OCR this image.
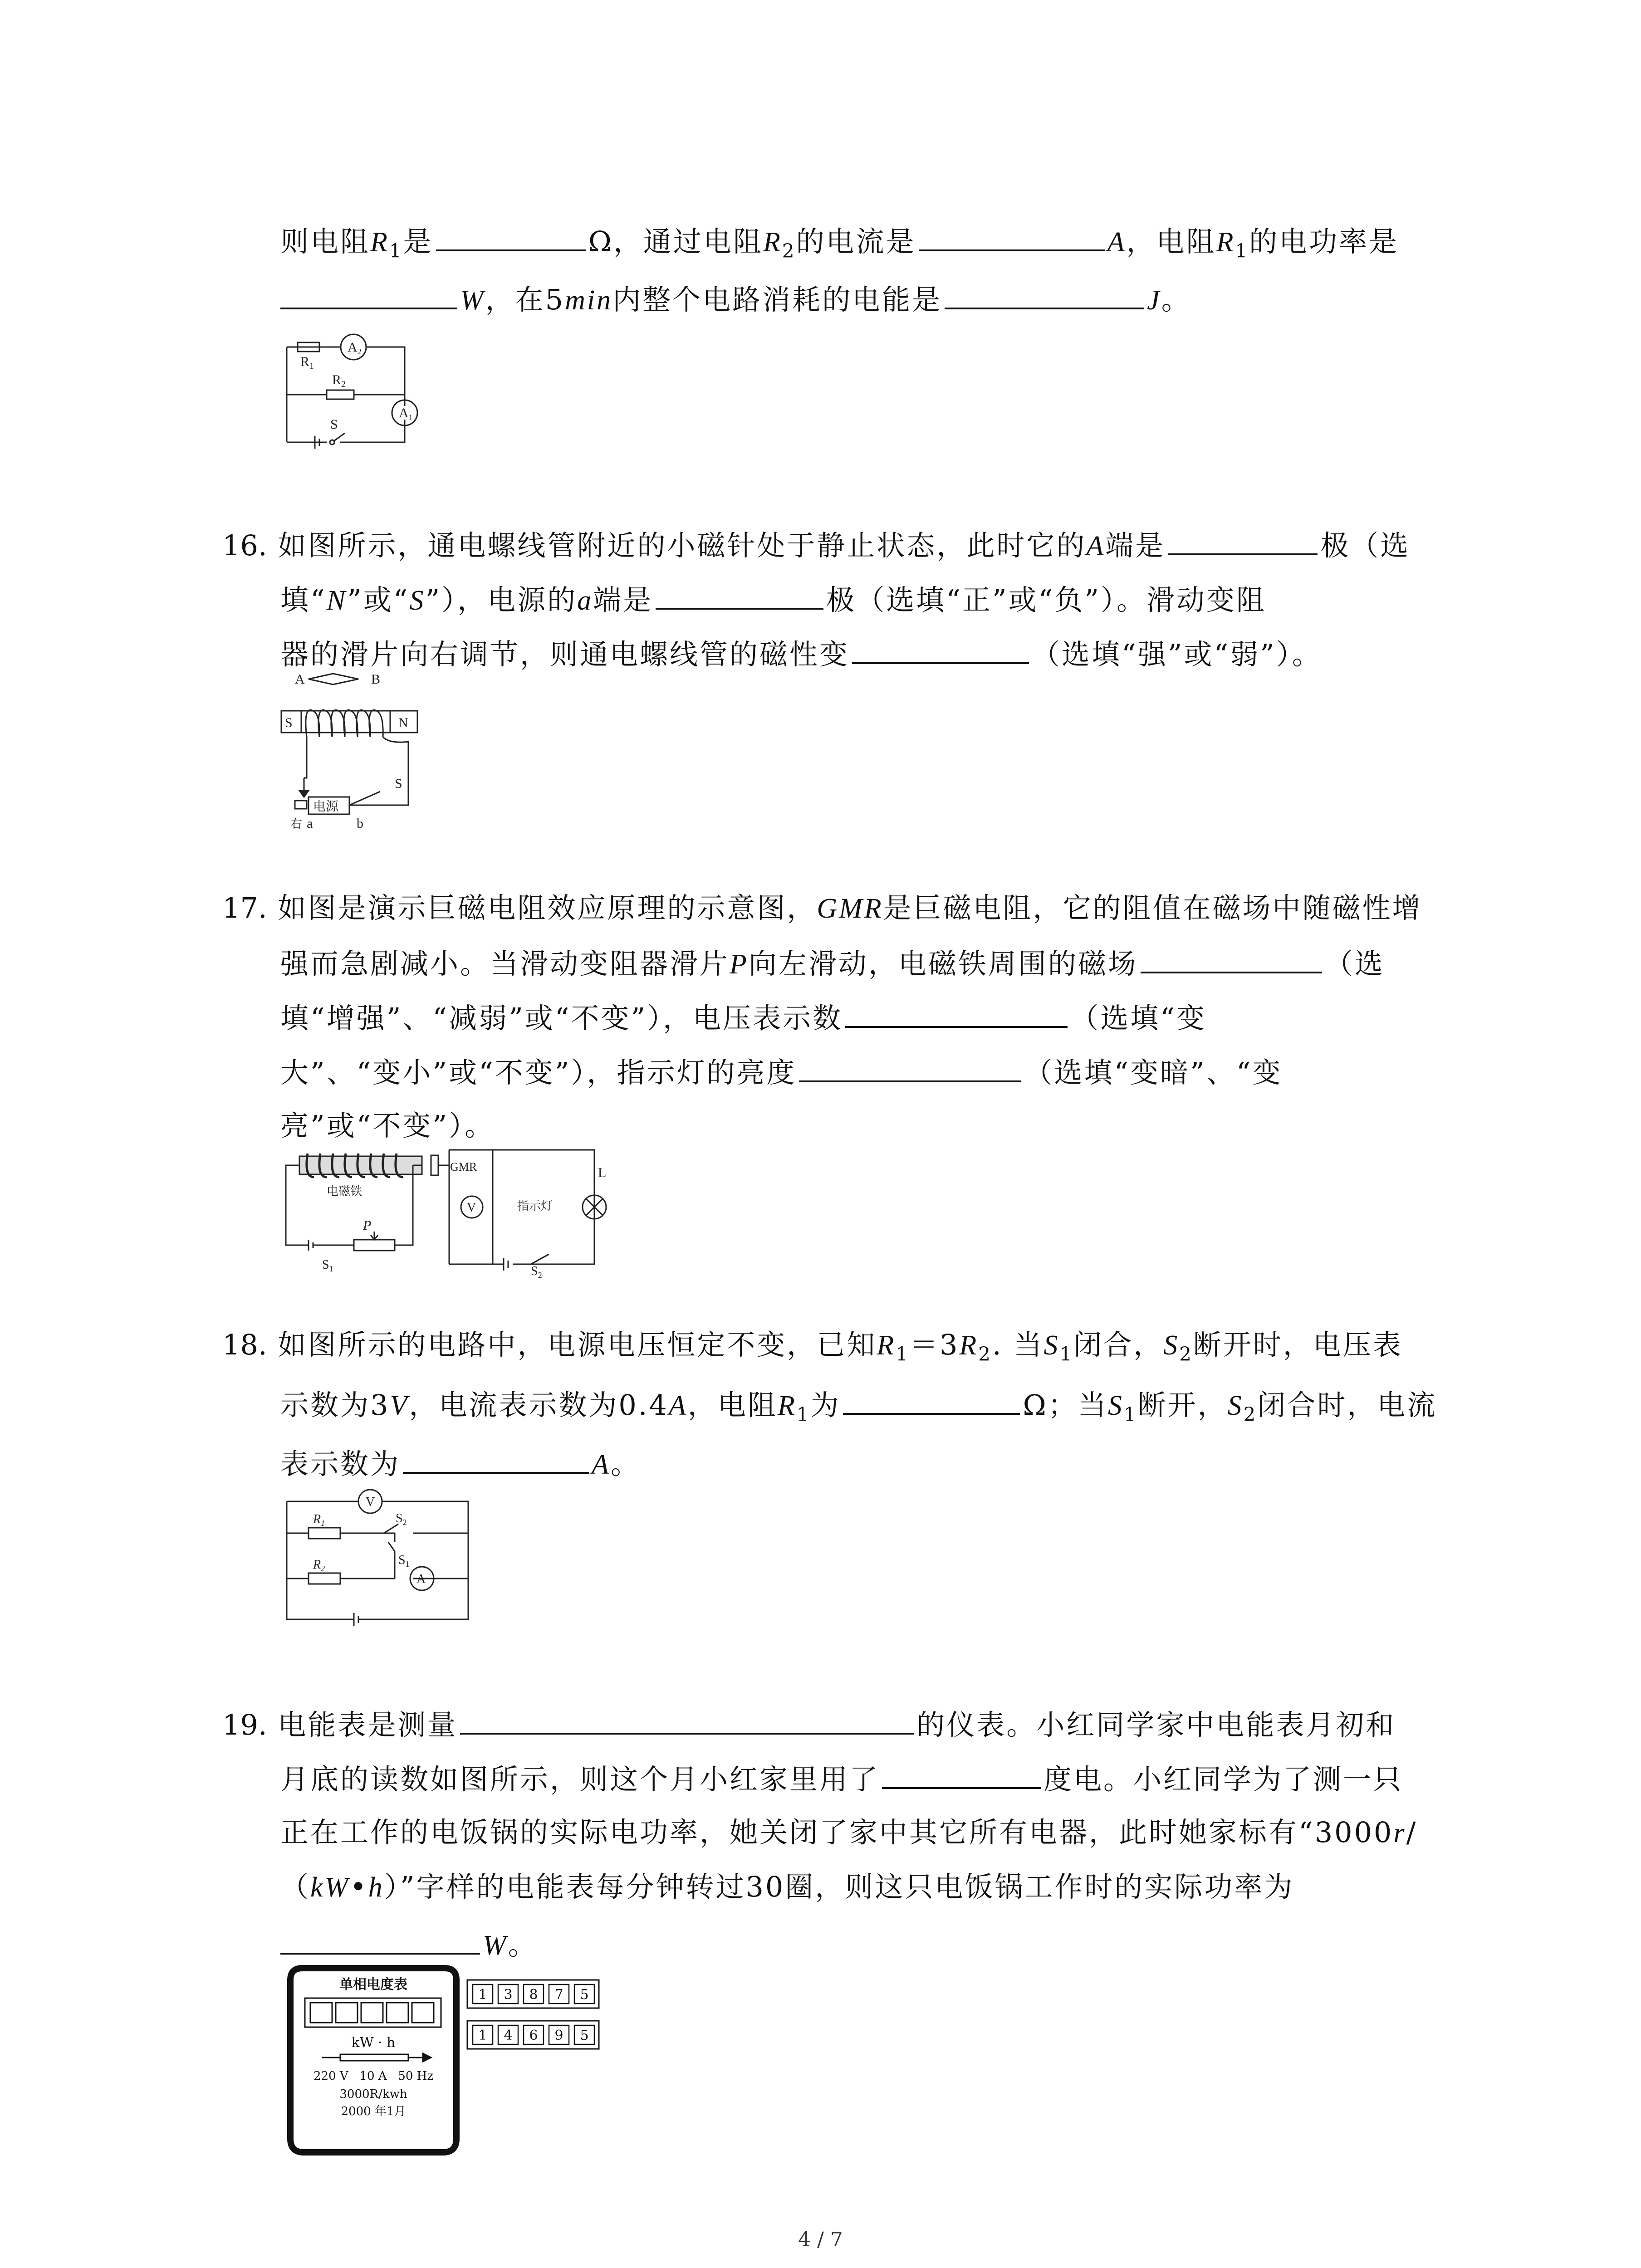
则电阻$R_1$是	Ω，通过电阻$R_2$的电流是	A，电阻$R_1$的电功率是
W，在5min内整个电路消耗的电能是	J。
$R_1$
$R_2$
$A_2$
$A_1$
S
16. 如图所示，通电螺线管附近的小磁针处于静止状态，此时它的A端是	极（选
填“N”或“S”），电源的a端是	极（选填“正”或“负”）。滑动变阻
器的滑片向右调节，则通电螺线管的磁性变	（选填“强”或“弱”）。
A	B
S	N
电源
S
右 a	b
17. 如图是演示巨磁电阻效应原理的示意图，GMR是巨磁电阻，它的阻值在磁场中随磁性增
强而急剧减小。当滑动变阻器滑片P向左滑动，电磁铁周围的磁场	（选
填“增强”、“减弱”或“不变”），电压表示数	（选填“变
大”、“变小”或“不变”），指示灯的亮度	（选填“变暗”、“变
亮”或“不变”）。
电磁铁
P
$S_1$
GMR
V	指示灯
L
$S_2$
18. 如图所示的电路中，电源电压恒定不变，已知$R_1=3R_2$. 当$S_1$闭合，$S_2$断开时，电压表
示数为3V，电流表示数为0.4A，电阻$R_1$为	Ω；当$S_1$断开，$S_2$闭合时，电流
表示数为	A。
V
A
$R_1$
$R_2$
$S_2$
$S_1$
19. 电能表是测量	的仪表。小红同学家中电能表月初和
月底的读数如图所示，则这个月小红家里用了	度电。小红同学为了测一只
正在工作的电饭锅的实际电功率，她关闭了家中其它所有电器，此时她家标有“3000r/
（kW•h）”字样的电能表每分钟转过30圈，则这只电饭锅工作时的实际功率为
W。
单相电度表
kW · h
220 V   10 A   50 Hz
3000R/kwh
2000 年1月
1 3 8 7 5
1 4 6 9 5
4 / 7
